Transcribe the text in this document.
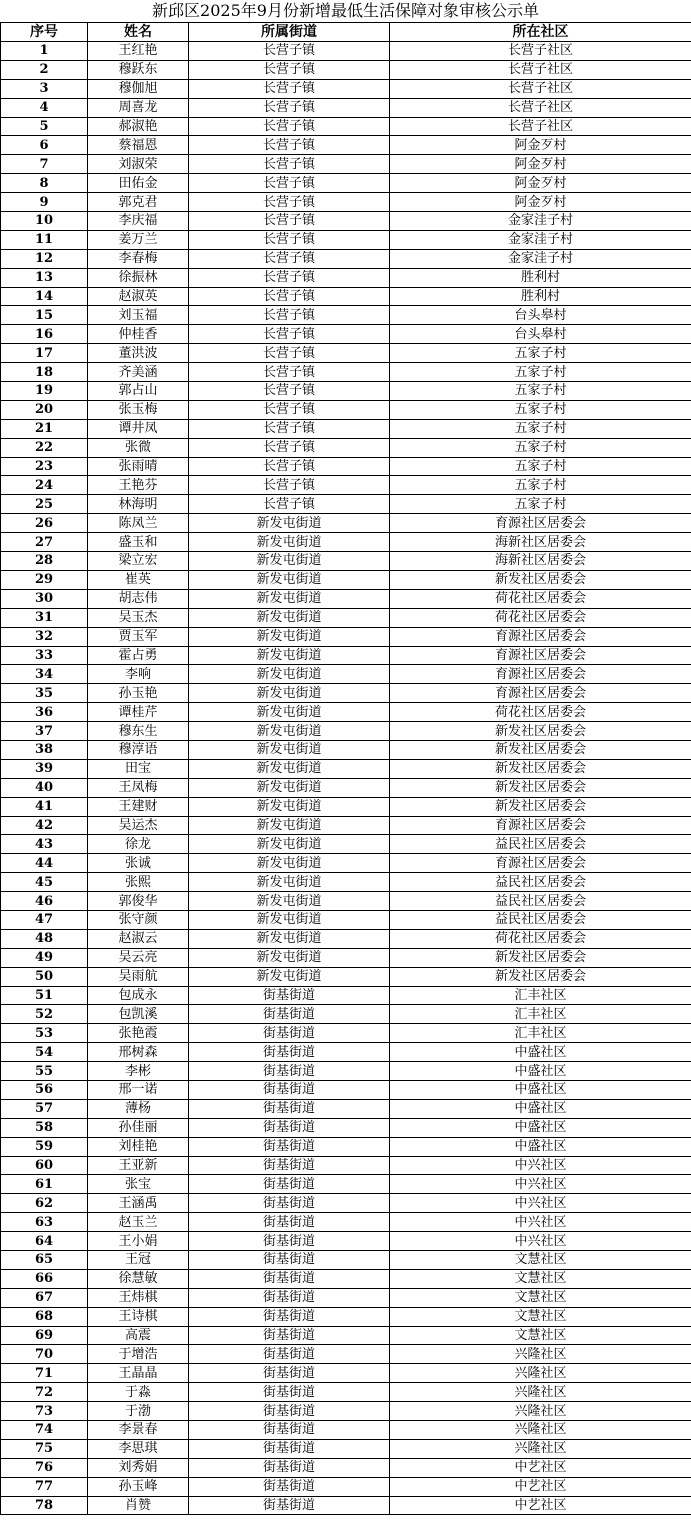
新邱区2025年9月份新增最低生活保障对象审核公示单
序号	姓名	所属街道	所在社区
1	王红艳	长营子镇	长营子社区
2	穆跃东	长营子镇	长营子社区
3	穆伽旭	长营子镇	长营子社区
4	周喜龙	长营子镇	长营子社区
5	郝淑艳	长营子镇	长营子社区
6	蔡福恩	长营子镇	阿金歹村
7	刘淑荣	长营子镇	阿金歹村
8	田佑金	长营子镇	阿金歹村
9	郭克君	长营子镇	阿金歹村
10	李庆福	长营子镇	金家洼子村
11	姜万兰	长营子镇	金家洼子村
12	李春梅	长营子镇	金家洼子村
13	徐振林	长营子镇	胜利村
14	赵淑英	长营子镇	胜利村
15	刘玉福	长营子镇	台头皋村
16	仲桂香	长营子镇	台头皋村
17	董洪波	长营子镇	五家子村
18	齐美涵	长营子镇	五家子村
19	郭占山	长营子镇	五家子村
20	张玉梅	长营子镇	五家子村
21	谭井凤	长营子镇	五家子村
22	张微	长营子镇	五家子村
23	张雨晴	长营子镇	五家子村
24	王艳芬	长营子镇	五家子村
25	林海明	长营子镇	五家子村
26	陈凤兰	新发屯街道	育源社区居委会
27	盛玉和	新发屯街道	海新社区居委会
28	梁立宏	新发屯街道	海新社区居委会
29	崔英	新发屯街道	新发社区居委会
30	胡志伟	新发屯街道	荷花社区居委会
31	吴玉杰	新发屯街道	荷花社区居委会
32	贾玉军	新发屯街道	育源社区居委会
33	霍占勇	新发屯街道	育源社区居委会
34	李响	新发屯街道	育源社区居委会
35	孙玉艳	新发屯街道	育源社区居委会
36	谭桂芹	新发屯街道	荷花社区居委会
37	穆东生	新发屯街道	新发社区居委会
38	穆淳语	新发屯街道	新发社区居委会
39	田宝	新发屯街道	新发社区居委会
40	王凤梅	新发屯街道	新发社区居委会
41	王建财	新发屯街道	新发社区居委会
42	吴运杰	新发屯街道	育源社区居委会
43	徐龙	新发屯街道	益民社区居委会
44	张诚	新发屯街道	育源社区居委会
45	张熙	新发屯街道	益民社区居委会
46	郭俊华	新发屯街道	益民社区居委会
47	张守颜	新发屯街道	益民社区居委会
48	赵淑云	新发屯街道	荷花社区居委会
49	吴云亮	新发屯街道	新发社区居委会
50	吴雨航	新发屯街道	新发社区居委会
51	包成永	街基街道	汇丰社区
52	包凯溪	街基街道	汇丰社区
53	张艳霞	街基街道	汇丰社区
54	邢树森	街基街道	中盛社区
55	李彬	街基街道	中盛社区
56	邢一诺	街基街道	中盛社区
57	薄杨	街基街道	中盛社区
58	孙佳丽	街基街道	中盛社区
59	刘桂艳	街基街道	中盛社区
60	王亚新	街基街道	中兴社区
61	张宝	街基街道	中兴社区
62	王涵禹	街基街道	中兴社区
63	赵玉兰	街基街道	中兴社区
64	王小娟	街基街道	中兴社区
65	王冠	街基街道	文慧社区
66	徐慧敏	街基街道	文慧社区
67	王炜棋	街基街道	文慧社区
68	王诗棋	街基街道	文慧社区
69	高震	街基街道	文慧社区
70	于增浩	街基街道	兴隆社区
71	王晶晶	街基街道	兴隆社区
72	于淼	街基街道	兴隆社区
73	于渤	街基街道	兴隆社区
74	李景春	街基街道	兴隆社区
75	李思琪	街基街道	兴隆社区
76	刘秀娟	街基街道	中艺社区
77	孙玉峰	街基街道	中艺社区
78	肖赞	街基街道	中艺社区
